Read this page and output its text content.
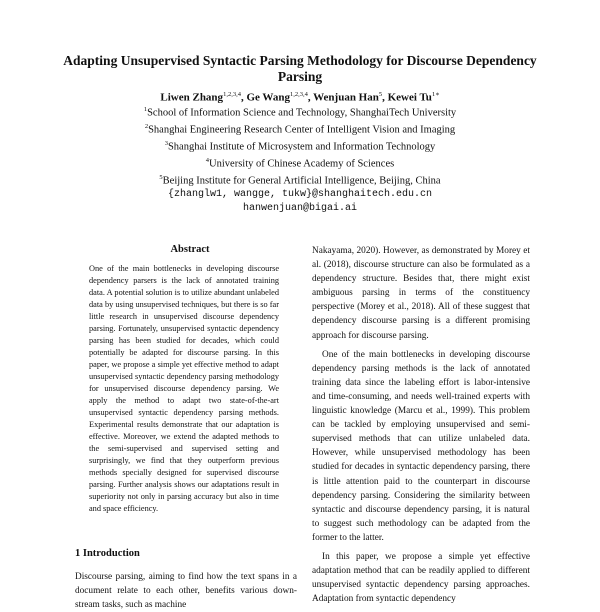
Adapting Unsupervised Syntactic Parsing Methodology for Discourse Dependency Parsing
Liwen Zhang$^{1,2,3,4}$, Ge Wang$^{1,2,3,4}$, Wenjuan Han$^5$, Kewei $Tu^{1∗}$
$^1$School of Information Science and Technology, ShanghaiTech University
$^2$Shanghai Engineering Research Center of Intelligent Vision and Imaging
$^3$Shanghai Institute of Microsystem and Information Technology
$^4$University of Chinese Academy of Sciences
$^5$Beijing Institute for General Artificial Intelligence, Beijing, China
{zhanglw1, wangge, tukw}@shanghaitech.edu.cn
hanwenjuan@bigai.ai
Abstract
One of the main bottlenecks in developing discourse dependency parsers is the lack of annotated training data. A potential solution is to utilize abundant unlabeled data by using unsupervised techniques, but there is so far little research in unsupervised discourse dependency parsing. Fortunately, unsupervised syntactic dependency parsing has been studied for decades, which could potentially be adapted for discourse parsing. In this paper, we propose a simple yet effective method to adapt unsupervised syntactic dependency parsing methodology for unsupervised discourse dependency parsing. We apply the method to adapt two state-of-the-art unsupervised syntactic dependency parsing methods. Experimental results demonstrate that our adaptation is effective. Moreover, we extend the adapted methods to the semi-supervised and supervised setting and surprisingly, we find that they outperform previous methods specially designed for supervised discourse parsing. Further analysis shows our adaptations result in superiority not only in parsing accuracy but also in time and space efficiency.
1 Introduction
Discourse parsing, aiming to find how the text spans in a document relate to each other, benefits various down-stream tasks, such as machine

Nakayama, 2020). However, as demonstrated by Morey et al. (2018), discourse structure can also be formulated as a dependency structure. Besides that, there might exist ambiguous parsing in terms of the constituency perspective (Morey et al., 2018). All of these suggest that dependency discourse parsing is a different promising approach for discourse parsing.

One of the main bottlenecks in developing discourse dependency parsing methods is the lack of annotated training data since the labeling effort is labor-intensive and time-consuming, and needs well-trained experts with linguistic knowledge (Marcu et al., 1999). This problem can be tackled by employing unsupervised and semi-supervised methods that can utilize unlabeled data. However, while unsupervised methodology has been studied for decades in syntactic dependency parsing, there is little attention paid to the counterpart in discourse dependency parsing. Considering the similarity between syntactic and discourse dependency parsing, it is natural to suggest such methodology can be adapted from the former to the latter.

In this paper, we propose a simple yet effective adaptation method that can be readily applied to different unsupervised syntactic dependency parsing approaches. Adaptation from syntactic dependency
